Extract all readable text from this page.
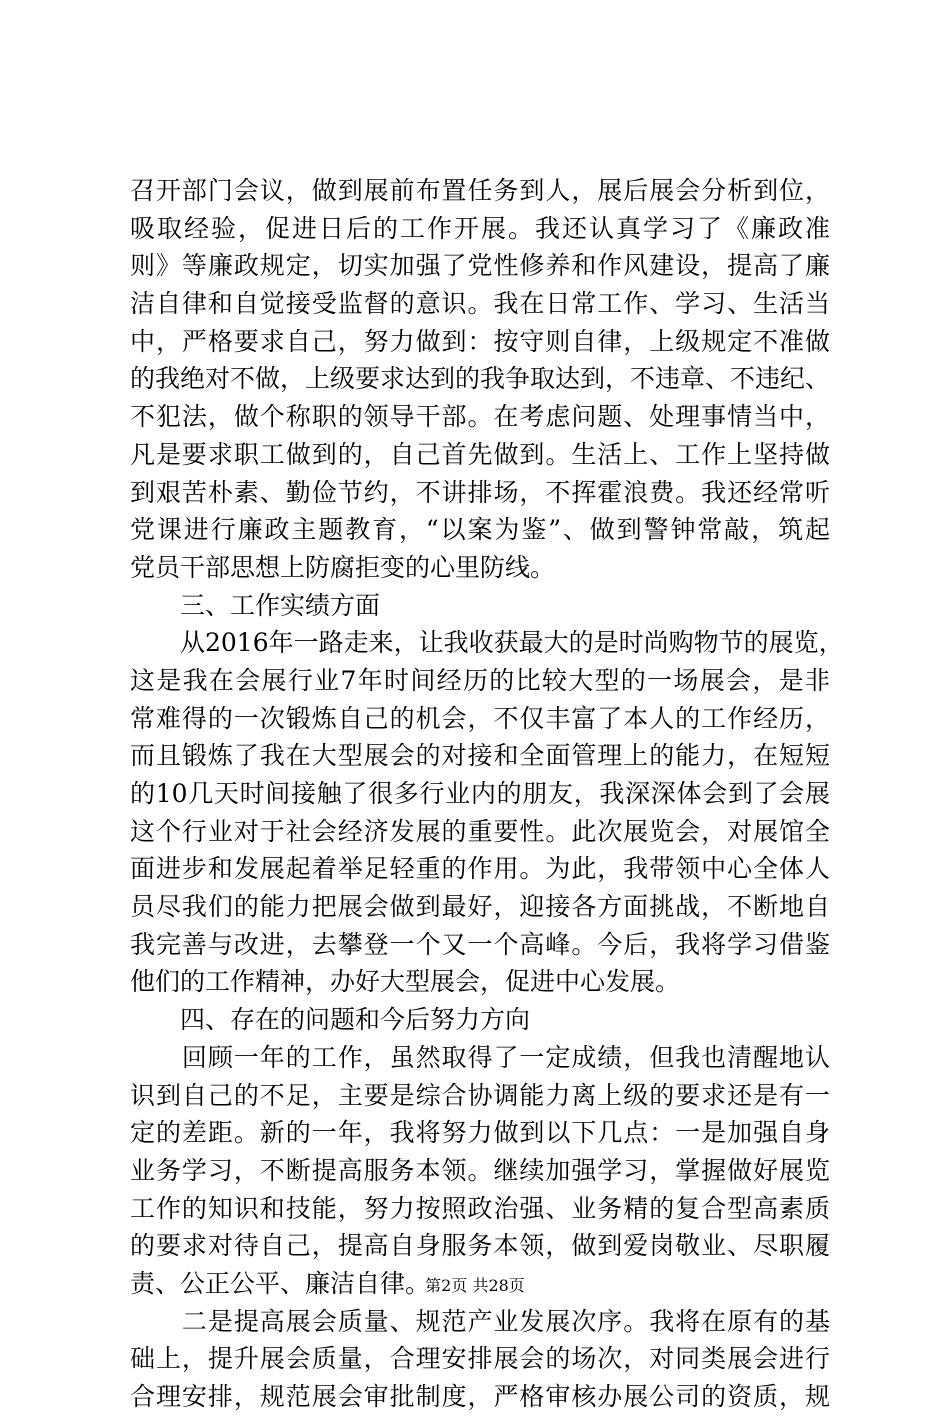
召开部门会议，做到展前布置任务到人，展后展会分析到位，
吸取经验，促进日后的工作开展。我还认真学习了《廉政准
则》等廉政规定，切实加强了党性修养和作风建设，提高了廉
洁自律和自觉接受监督的意识。我在日常工作、学习、生活当
中，严格要求自己，努力做到：按守则自律，上级规定不准做
的我绝对不做，上级要求达到的我争取达到，不违章、不违纪、
不犯法，做个称职的领导干部。在考虑问题、处理事情当中，
凡是要求职工做到的，自己首先做到。生活上、工作上坚持做
到艰苦朴素、勤俭节约，不讲排场，不挥霍浪费。我还经常听
党课进行廉政主题教育，“以案为鉴”、做到警钟常敲，筑起
党员干部思想上防腐拒变的心里防线。
　　三、工作实绩方面
　　从2016年一路走来，让我收获最大的是时尚购物节的展览，
这是我在会展行业7年时间经历的比较大型的一场展会，是非
常难得的一次锻炼自己的机会，不仅丰富了本人的工作经历，
而且锻炼了我在大型展会的对接和全面管理上的能力，在短短
的10几天时间接触了很多行业内的朋友，我深深体会到了会展
这个行业对于社会经济发展的重要性。此次展览会，对展馆全
面进步和发展起着举足轻重的作用。为此，我带领中心全体人
员尽我们的能力把展会做到最好，迎接各方面挑战，不断地自
我完善与改进，去攀登一个又一个高峰。今后，我将学习借鉴
他们的工作精神，办好大型展会，促进中心发展。
　　四、存在的问题和今后努力方向
　　回顾一年的工作，虽然取得了一定成绩，但我也清醒地认
识到自己的不足，主要是综合协调能力离上级的要求还是有一
定的差距。新的一年，我将努力做到以下几点：一是加强自身
业务学习，不断提高服务本领。继续加强学习，掌握做好展览
工作的知识和技能，努力按照政治强、业务精的复合型高素质
的要求对待自己，提高自身服务本领，做到爱岗敬业、尽职履
责、公正公平、廉洁自律。
　　二是提高展会质量、规范产业发展次序。我将在原有的基
础上，提升展会质量，合理安排展会的场次，对同类展会进行
合理安排，规范展会审批制度，严格审核办展公司的资质，规
第2页 共28页
